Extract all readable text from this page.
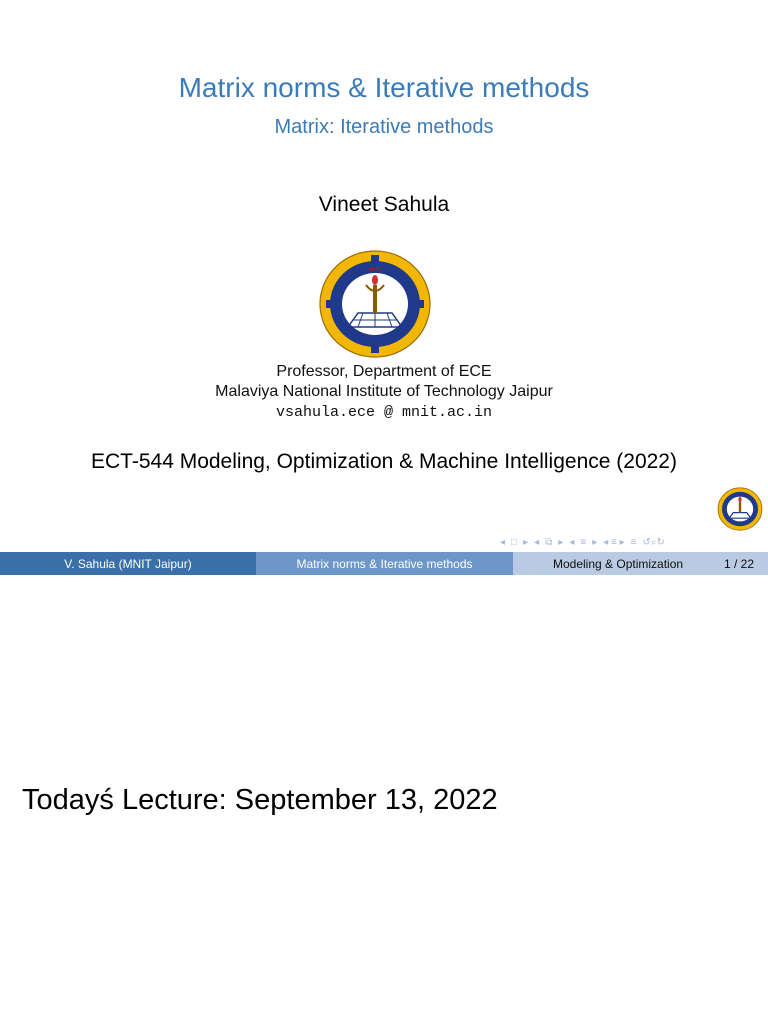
Matrix norms & Iterative methods
Matrix: Iterative methods
Vineet Sahula
MNIT
Professor, Department of ECE
Malaviya National Institute of Technology Jaipur
vsahula.ece @ mnit.ac.in
ECT-544 Modeling, Optimization & Machine Intelligence (2022)
◂ □ ▸ ◂ ⧉ ▸ ◂ ≡ ▸ ◂ ≡ ▸ ≡ ↺⌕↻
V. Sahula (MNIT Jaipur)	Matrix norms & Iterative methods	Modeling & Optimization	1 / 22
Todayś Lecture: September 13, 2022
